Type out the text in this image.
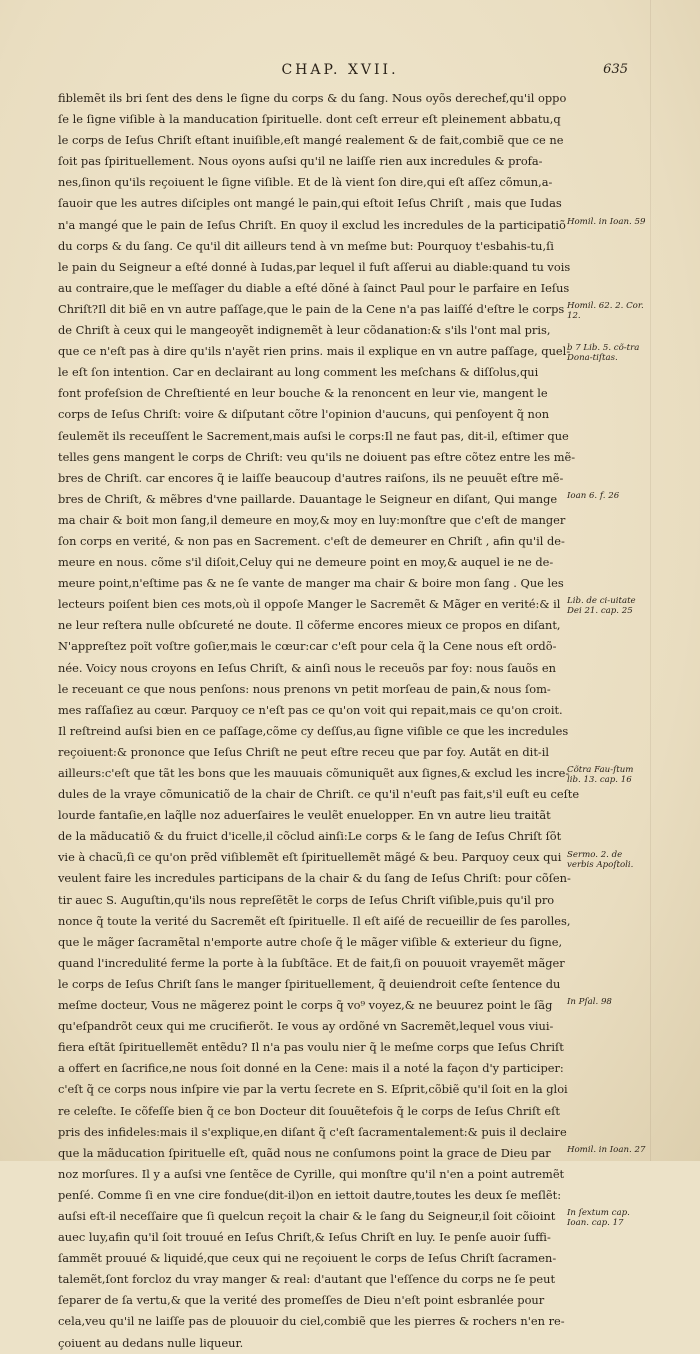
CHAP. XVII.	635
fiblemẽt ils bri ſent des dens le ſigne du corps & du ſang. Nous oyõs derechef,qu'il oppo
ſe le ſigne viſible à la manducation ſpirituelle. dont ceſt erreur eſt pleinement abbatu,q
le corps de Ieſus Chriſt eſtant inuiſible,eſt mangé realement & de fait,combiẽ que ce ne
ſoit pas ſpirituellement. Nous oyons auſsi qu'il ne laiſſe rien aux incredules & profa-
nes,ſinon qu'ils reçoiuent le ſigne viſible. Et de là vient ſon dire,qui eſt aſſez cõmun,a-
ſauoir que les autres diſciples ont mangé le pain,qui eſtoit Ieſus Chriſt , mais que Iudas
n'a mangé que le pain de Ieſus Chriſt. En quoy il exclud les incredules de la participatiõ
du corps & du ſang. Ce qu'il dit ailleurs tend à vn meſme but: Pourquoy t'esbahis-tu,ſi
le pain du Seigneur a eſté donné à Iudas,par lequel il fuſt aſſerui au diable:quand tu vois
au contraire,que le meſſager du diable a eſté dõné à ſainct Paul pour le parfaire en Ieſus
Chriſt?Il dit biẽ en vn autre paſſage,que le pain de la Cene n'a pas laiſſé d'eſtre le corps
de Chriſt à ceux qui le mangeoyẽt indignemẽt à leur cõdanation:& s'ils l'ont mal pris,
que ce n'eſt pas à dire qu'ils n'ayẽt rien prins. mais il explique en vn autre paſſage, quel-
le eſt ſon intention. Car en declairant au long comment les meſchans & diſſolus,qui
font profeſsion de Chreſtienté en leur bouche & la renoncent en leur vie, mangent le
corps de Ieſus Chriſt: voire & diſputant cõtre l'opinion d'aucuns, qui penſoyent q̃ non
ſeulemẽt ils receuſſent le Sacrement,mais auſsi le corps:Il ne faut pas, dit-il, eſtimer que
telles gens mangent le corps de Chriſt: veu qu'ils ne doiuent pas eſtre cõtez entre les mẽ-
bres de Chriſt. car encores q̃ ie laiſſe beaucoup d'autres raiſons, ils ne peuuẽt eſtre mẽ-
bres de Chriſt, & mẽbres d'vne paillarde. Dauantage le Seigneur en diſant, Qui mange
ma chair & boit mon ſang,il demeure en moy,& moy en luy:monſtre que c'eſt de manger
ſon corps en verité, & non pas en Sacrement. c'eſt de demeurer en Chriſt , afin qu'il de-
meure en nous. cõme s'il diſoit,Celuy qui ne demeure point en moy,& auquel ie ne de-
meure point,n'eſtime pas & ne ſe vante de manger ma chair & boire mon ſang . Que les
lecteurs poiſent bien ces mots,où il oppoſe Manger le Sacremẽt & Mãger en verité:& il
ne leur reſtera nulle obſcureté ne doute. Il cõferme encores mieux ce propos en diſant,
N'appreſtez poĩt voſtre goſier,mais le cœur:car c'eſt pour cela q̃ la Cene nous eſt ordõ-
née. Voicy nous croyons en Ieſus Chriſt, & ainſi nous le receuõs par foy: nous ſauõs en
le receuant ce que nous penſons: nous prenons vn petit morſeau de pain,& nous ſom-
mes raſſaſiez au cœur. Parquoy ce n'eſt pas ce qu'on voit qui repait,mais ce qu'on croit.
Il reſtreind auſsi bien en ce paſſage,cõme cy deſſus,au ſigne viſible ce que les incredules
reçoiuent:& prononce que Ieſus Chriſt ne peut eſtre receu que par foy. Autãt en dit-il
ailleurs:c'eſt que tãt les bons que les mauuais cõmuniquẽt aux ſignes,& exclud les incre-
dules de la vraye cõmunicatiõ de la chair de Chriſt. ce qu'il n'euſt pas fait,s'il euſt eu ceſte
lourde fantaſie,en laq̃lle noz aduerſaires le veulẽt enuelopper. En vn autre lieu traitãt
de la mãducatiõ & du fruict d'icelle,il cõclud ainſi:Le corps & le ſang de Ieſus Chriſt ſõt
vie à chacũ,ſi ce qu'on prẽd viſiblemẽt eſt ſpirituellemẽt mãgé & beu. Parquoy ceux qui
veulent faire les incredules participans de la chair & du ſang de Ieſus Chriſt: pour cõſen-
tir auec S. Auguſtin,qu'ils nous repreſẽtẽt le corps de Ieſus Chriſt viſible,puis qu'il pro
nonce q̃ toute la verité du Sacremẽt eſt ſpirituelle. Il eſt aiſé de recueillir de ſes parolles,
que le mãger ſacramẽtal n'emporte autre choſe q̃ le mãger viſible & exterieur du ſigne,
quand l'incredulité ferme la porte à la ſubſtãce. Et de fait,ſi on pouuoit vrayemẽt mãger
le corps de Ieſus Chriſt ſans le manger ſpirituellement, q̃ deuiendroit ceſte ſentence du
meſme docteur, Vous ne mãgerez point le corps q̃ vo⁹ voyez,& ne beuurez point le ſãg
qu'eſpandrõt ceux qui me crucifierõt. Ie vous ay ordõné vn Sacremẽt,lequel vous viui-
fiera eſtãt ſpirituellemẽt entẽdu? Il n'a pas voulu nier q̃ le meſme corps que Ieſus Chriſt
a offert en ſacrifice,ne nous ſoit donné en la Cene: mais il a noté la façon d'y participer:
c'eſt q̃ ce corps nous inſpire vie par la vertu ſecrete en S. Eſprit,cõbiẽ qu'il ſoit en la gloi
re celeſte. Ie cõfeſſe bien q̃ ce bon Docteur dit ſouuẽtefois q̃ le corps de Ieſus Chriſt eſt
pris des infideles:mais il s'explique,en diſant q̃ c'eſt ſacramentalement:& puis il declaire
que la mãducation ſpirituelle eſt, quãd nous ne conſumons point la grace de Dieu par
noz morſures. Il y a auſsi vne ſentẽce de Cyrille, qui monſtre qu'il n'en a point autremẽt
penſé. Comme ſi en vne cire fondue(dit-il)on en iettoit dautre,toutes les deux ſe meſlẽt:
auſsi eſt-il neceſſaire que ſi quelcun reçoit la chair & le ſang du Seigneur,il ſoit cõioint
auec luy,afin qu'il ſoit trouué en Ieſus Chriſt,& Ieſus Chriſt en luy. Ie penſe auoir ſuffi-
ſammẽt prouué & liquidé,que ceux qui ne reçoiuent le corps de Ieſus Chriſt ſacramen-
talemẽt,ſont forcloz du vray manger & real: d'autant que l'eſſence du corps ne ſe peut
ſeparer de ſa vertu,& que la verité des promeſſes de Dieu n'eſt point esbranlée pour
cela,veu qu'il ne laiſſe pas de plouuoir du ciel,combiẽ que les pierres & rochers n'en re-
çoiuent au dedans nulle liqueur.
Homil. in Ioan. 59
Homil. 62. 2. Cor. 12.
b 7 Lib. 5. cõ-tra Dona-tiſtas.
Ioan 6. f. 26
Lib. de ci-uitate Dei 21. cap. 25
Cõtra Fau-ſtum lib. 13. cap. 16
Sermo. 2. de verbis Apoſtoli.
In Pſal. 98
Homil. in Ioan. 27
In ſextum cap. Ioan. cap. 17
